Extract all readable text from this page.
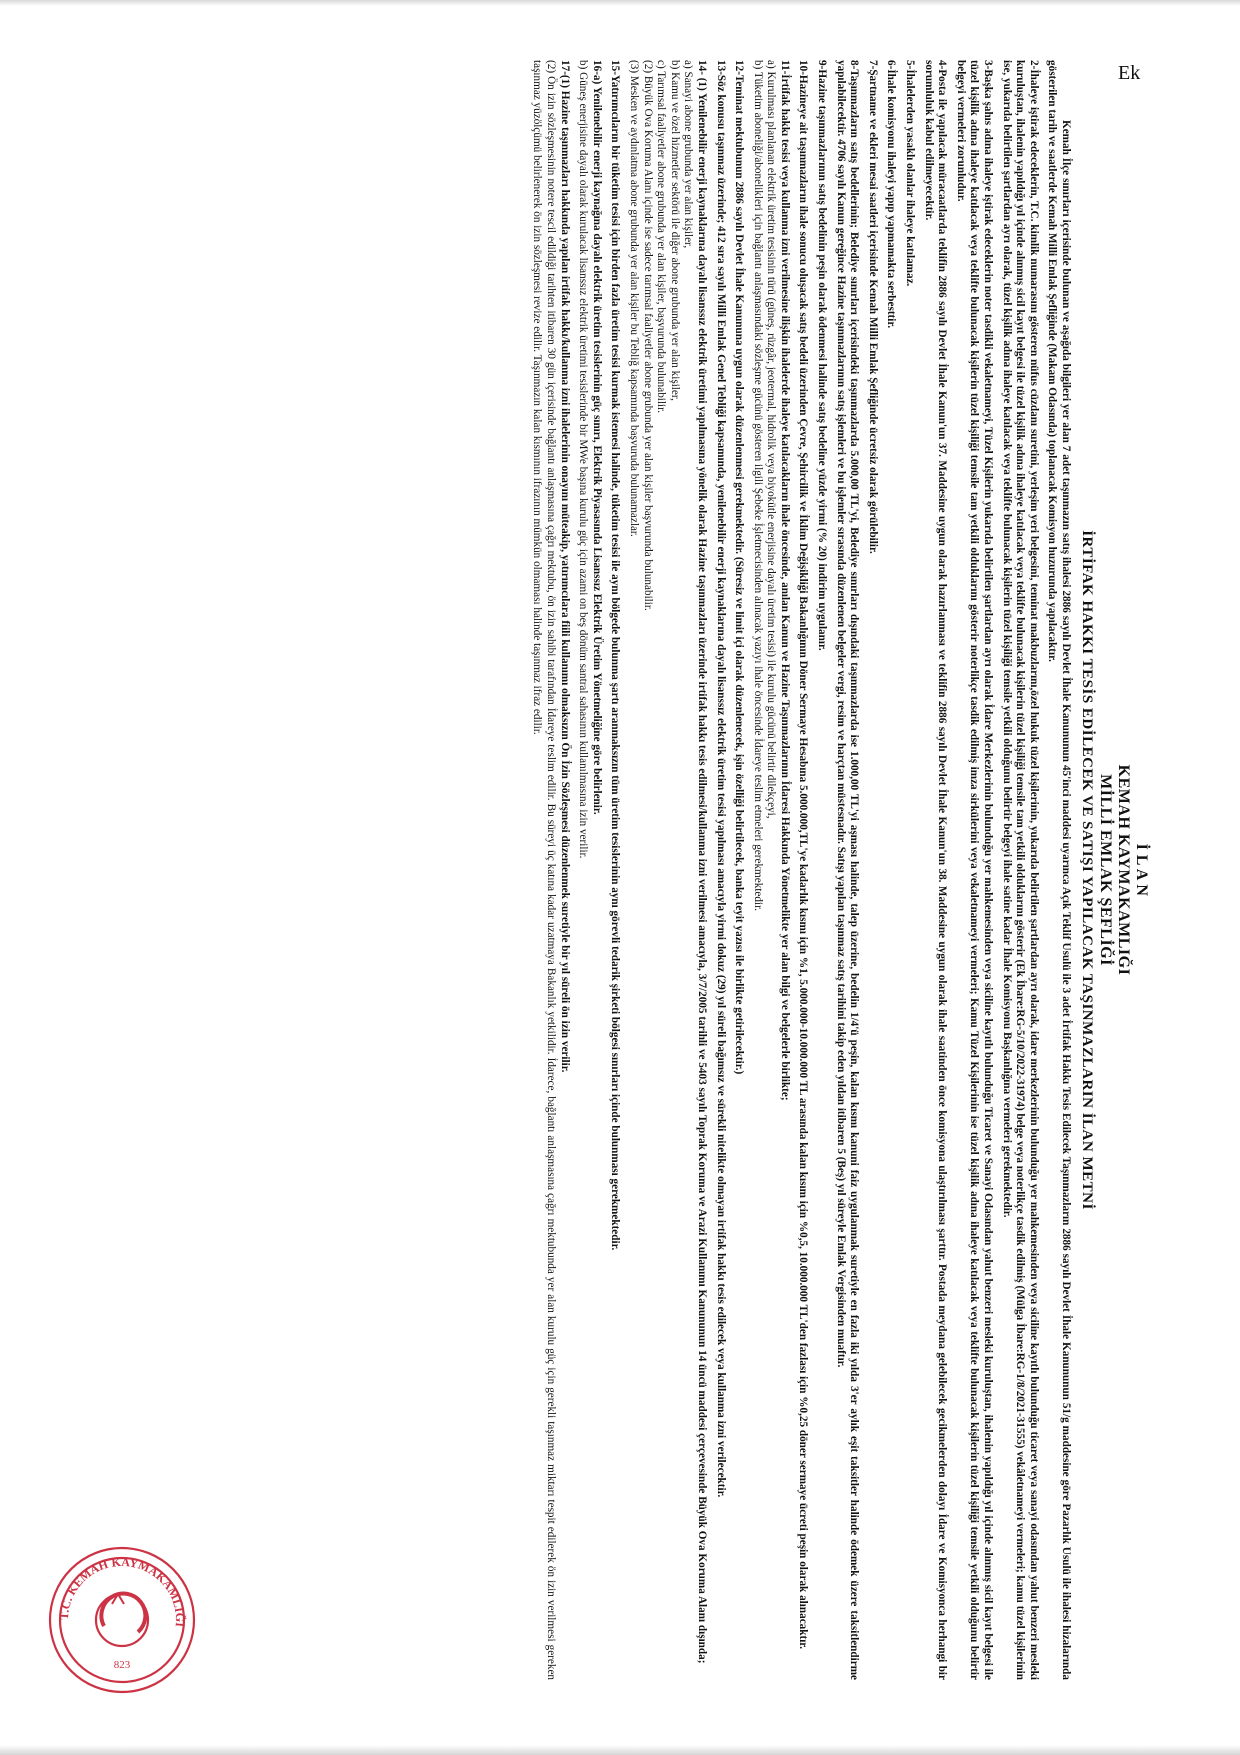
Ek
İ L A N
KEMAH KAYMAKAMLIĞI
MİLLİ EMLAK ŞEFLİĞİ
İRTİFAK HAKKI TESİS EDİLECEK VE SATIŞI YAPILACAK TAŞINMAZLARIN İLAN METNİ

Kemah İlçe sınırları içerisinde bulunan ve aşağıda bilgileri yer alan 7 adet taşınmazın satış ihalesi 2886 sayılı Devlet İhale Kanununun 45'inci maddesi uyarınca Açık Teklif Usulü ile 3 adet İrtifak Hakkı Tesis Edilecek Taşınmazların 2886 sayılı Devlet İhale Kanununun 51/g maddesine göre Pazarlık Usulü ile ihalesi hizalarında gösterilen tarih ve saatlerde Kemah Milli Emlak Şefliğinde (Makam Odasında) toplanacak Komisyon huzurunda yapılacaktır.

2-İhaleye iştirak edeceklerin, T.C. kimlik numarasını gösteren nüfus cüzdanı suretini, yerleşim yeri belgesini, teminat makbuzlarını,özel hukuk tüzel kişilerinin, yukarıda belirtilen şartlardan ayrı olarak, idare merkezlerinin bulunduğu yer mahkemesinden veya siciline kayıtlı bulunduğu ticaret veya sanayi odasından yahut benzeri mesleki kuruluştan, ihalenin yapıldığı yıl içinde alınmış sicil kayıt belgesi ile tüzel kişilik adına ihaleye katılacak veya teklifte bulunacak kişilerin tüzel kişiliği temsile tam yetkili olduklarını gösterir (Ek İbare:RG-5/10/2022-31974) belge veya noterlikçe tasdik edilmiş (Mülga İbare:RG-1/8/2021-31555) vekâletnameyi vermeleri; kamu tüzel kişilerinin ise, yukarıda belirtilen şartlardan ayrı olarak, tüzel kişilik adına ihaleye katılacak veya teklifte bulunacak kişilerin tüzel kişiliği temsile yetkili olduğunu belirtir belgeyi ihale satine kadar İhale Komisyonu Başkanlığına vermeleri gerekmektedir.

3-Başka şahıs adına ihaleye iştirak edeceklerin noter tasdikli vekaletnameyi, Tüzel Kişilerin yukarıda belirtilen şartlardan ayrı olarak İdare Merkezlerinin bulunduğu yer mahkemesinden veya siciline kayıtlı bulunduğu Ticaret ve Sanayi Odasından yahut benzeri mesleki kuruluştan, ihalenin yapıldığı yıl içinde alınmış sicil kayıt belgesi ile tüzel kişilik adına ihaleye katılacak veya teklifte bulunacak kişilerin tüzel kişiliği temsile tam yetkili olduklarını gösterir noterlikçe tasdik edilmiş imza sirkülerini veya vekaletnameyi vermeleri; Kamu Tüzel Kişilerinin ise tüzel kişilik adına ihaleye katılacak veya teklifte bulunacak kişilerin tüzel kişiliği temsile yetkili olduğunu belirtir belgeyi vermeleri zorunludur.

4-Posta ile yapılacak müracaatlarda teklifin 2886 sayılı Devlet İhale Kanun'un 37. Maddesine uygun olarak hazırlanması ve teklifin 2886 sayılı Devlet İhale Kanun'un 38. Maddesine uygun olarak ihale saatinden önce komisyona ulaştırılması şarttır. Postada meydana gelebilecek gecikmelerden dolayı İdare ve Komisyonca herhangi bir sorumluluk kabul edilmeyecektir.

5-İhalelerden yasaklı olanlar ihaleye katılamaz.

6-İhale komisyonu ihaleyi yapıp yapmamakta serbesttir.

7-Şartname ve ekleri mesai saatleri içerisinde Kemah Milli Emlak Şefliğinde ücretsiz olarak görülebilir.

8-Taşınmazların satış bedellerinin; Belediye sınırları içerisindeki taşınmazlarda 5.000,00 TL'yi, Belediye sınırları dışındaki taşınmazlarda ise 1.000,00 TL'yi aşması halinde, talep üzerine, bedelin 1/4'ü peşin, kalan kısmı kanuni faiz uygulanmak suretiyle en fazla iki yılda 3'er aylık eşit taksitler halinde ödemek üzere taksitlendirme yapılabilecektir. 4706 sayılı Kanun gereğince Hazine taşınmazlarının satış işlemleri ve bu işlemler sırasında düzenlenen belgeler vergi, resim ve harçtan müstesnadır. Satışı yapılan taşınmaz satış tarihini takip eden yıldan itibaren 5 (Beş) yıl süreyle Emlak Vergisinden muaftır.

9-Hazine taşınmazlarının satış bedelinin peşin olarak ödenmesi halinde satış bedeline yüzde yirmi (% 20) indirim uygulanır.

10-Hazineye ait taşınmazların ihale sonucu oluşacak satış bedeli üzerinden Çevre, Şehircilik ve İklim Değişikliği Bakanlığının Döner Sermaye Hesabına 5.000.000,TL'ye kadarlık kısmı için %1, 5.000.000-10.000.000 TL arasında kalan kısım için %0,5, 10.000.000 TL'den fazlası için %0,25 döner sermaye ücreti peşin olarak alınacaktır.

11-İrtifak hakkı tesisi veya kullanma izni verilmesine ilişkin ihalelerde ihaleye katılacakların ihale öncesinde, anılan Kanun ve Hazine Taşınmazlarının İdaresi Hakkında Yönetmelikte yer alan bilgi ve belgelerle birlikte;

a) Kurulması planlanan elektrik üretim tesisinin türü (güneş, rüzgâr, jeotermal, hidrolik veya biyokütle enerjisine dayalı üretim tesisi) ile kurulu gücünü belirtir dilekçeyi,

b) Tüketim aboneliği/abonelikleri için bağlantı anlaşmasındaki sözleşme gücünü gösteren ilgili Şebeke İşletmecisinden alınacak yazıyı ihale öncesinde İdareye teslim etmeleri gerekmektedir.

12-Teminat mektubunun 2886 sayılı Devlet İhale Kanununa uygun olarak düzenlenmesi gerekmektedir. (Süresiz ve limit içi olarak düzenlenecek, işin özelliği belirtilecek, banka teyit yazısı ile birlikte getirilecektir.)

13-Söz konusu taşınmaz üzerinde; 412 sıra sayılı Milli Emlak Genel Tebliği kapsamında, yenilenebilir enerji kaynaklarına dayalı lisanssız elektrik üretim tesisi yapılması amacıyla yirmi dokuz (29) yıl süreli bağımsız ve sürekli nitelikte olmayan irtifak hakkı tesis edilecek veya kullanma izni verilecektir.

14- (1) Yenilenebilir enerji kaynaklarına dayalı lisanssız elektrik üretimi yapılmasına yönelik olarak Hazine taşınmazları üzerinde irtifak hakkı tesis edilmesi/kullanma izni verilmesi amacıyla, 3/7/2005 tarihli ve 5403 sayılı Toprak Koruma ve Arazi Kullanımı Kanununun 14 üncü maddesi çerçevesinde Büyük Ova Koruma Alanı dışında;

a) Sanayi abone grubunda yer alan kişiler,

b) Kamu ve özel hizmetler sektörü ile diğer abone grubunda yer alan kişiler,

c) Tarımsal faaliyetler abone grubunda yer alan kişiler, başvurunda bulunabilir.

(2) Büyük Ova Koruma Alanı içinde ise sadece tarımsal faaliyetler abone grubunda yer alan kişiler başvurunda bulunabilir.

(3) Mesken ve aydınlatma abone grubunda yer alan kişiler bu Tebliğ kapsamında başvuruda bulunamazlar.

15-Yatırımcıların bir tüketim tesisi için birden fazla üretim tesisi kurmak istemesi halinde, tüketim tesisi ile aynı bölgede bulunma şartı aranmaksızın tüm üretim tesislerinin aynı görevli tedarik şirketi bölgesi sınırları içinde bulunması gerekmektedir.

16-a) Yenilenebilir enerji kaynağına dayalı elektrik üretim tesislerinin güç sınırı, Elektrik Piyasasında Lisanssız Elektrik Üretim Yönetmeliğine göre belirlenir.

b) Güneş enerjisine dayalı olarak kurulacak lisanssız elektrik üretimi tesislerinde bir MWe başına kurulu güç için azami on beş dönüm santral sahasının kullanılmasına izin verilir.

17-(1) Hazine taşınmazları hakkında yapılan irtifak hakkı/kullanma izni ihalelerinin onayını müteakip, yatırımcılara fiili kullanımı olmaksızın Ön İzin Sözleşmesi düzenlenmek suretiyle bir yıl süreli ön izin verilir.

(2) Ön izin sözleşmesinin notere tescil edildiği tarihten itibaren 30 gün içerisinde bağlantı anlaşmasına çağrı mektubu, ön izin sahibi tarafından İdareye teslim edilir. Bu süreyi üç katına kadar uzatmaya Bakanlık yetkilidir. İdarece, bağlantı anlaşmasına çağrı mektubunda yer alan kurulu güç için gerekli taşınmaz miktarı tespit edilerek ön izin verilmesi gereken taşınmaz yüzölçümü belirlenerek ön izin sözleşmesi revize edilir. Taşınmazın kalan kısmının ifrazının mümkün olmaması halinde taşınmaz ifraz edilir.

T.C. KEMAH KAYMAKAMLIĞI
823
